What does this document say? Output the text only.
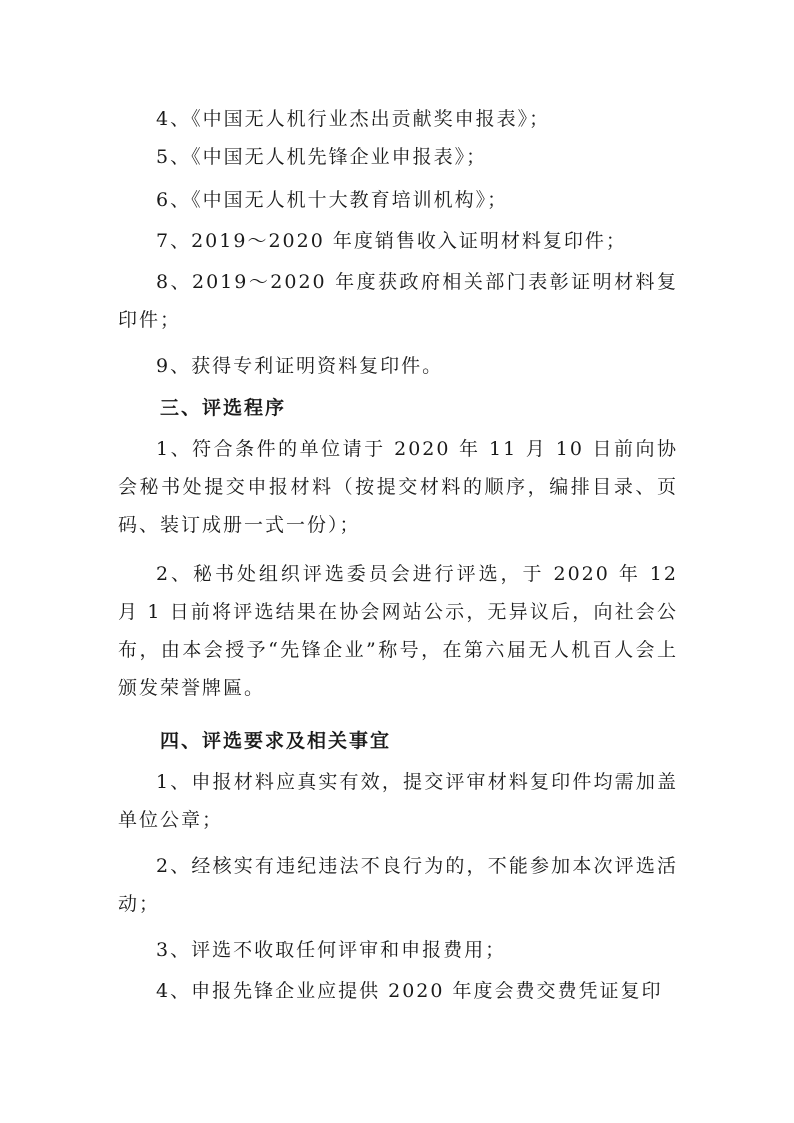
4、《中国无人机行业杰出贡献奖申报表》；
5、《中国无人机先锋企业申报表》；
6、《中国无人机十大教育培训机构》；
7、2019～2020 年度销售收入证明材料复印件；
8、2019～2020 年度获政府相关部门表彰证明材料复印件；
9、获得专利证明资料复印件。
三、评选程序
1、符合条件的单位请于 2020 年 11 月 10 日前向协会秘书处提交申报材料（按提交材料的顺序，编排目录、页码、装订成册一式一份）；
2、秘书处组织评选委员会进行评选，于 2020 年 12 月 1 日前将评选结果在协会网站公示，无异议后，向社会公布，由本会授予“先锋企业”称号，在第六届无人机百人会上颁发荣誉牌匾。
四、评选要求及相关事宜
1、申报材料应真实有效，提交评审材料复印件均需加盖单位公章；
2、经核实有违纪违法不良行为的，不能参加本次评选活动；
3、评选不收取任何评审和申报费用；
4、申报先锋企业应提供 2020 年度会费交费凭证复印
